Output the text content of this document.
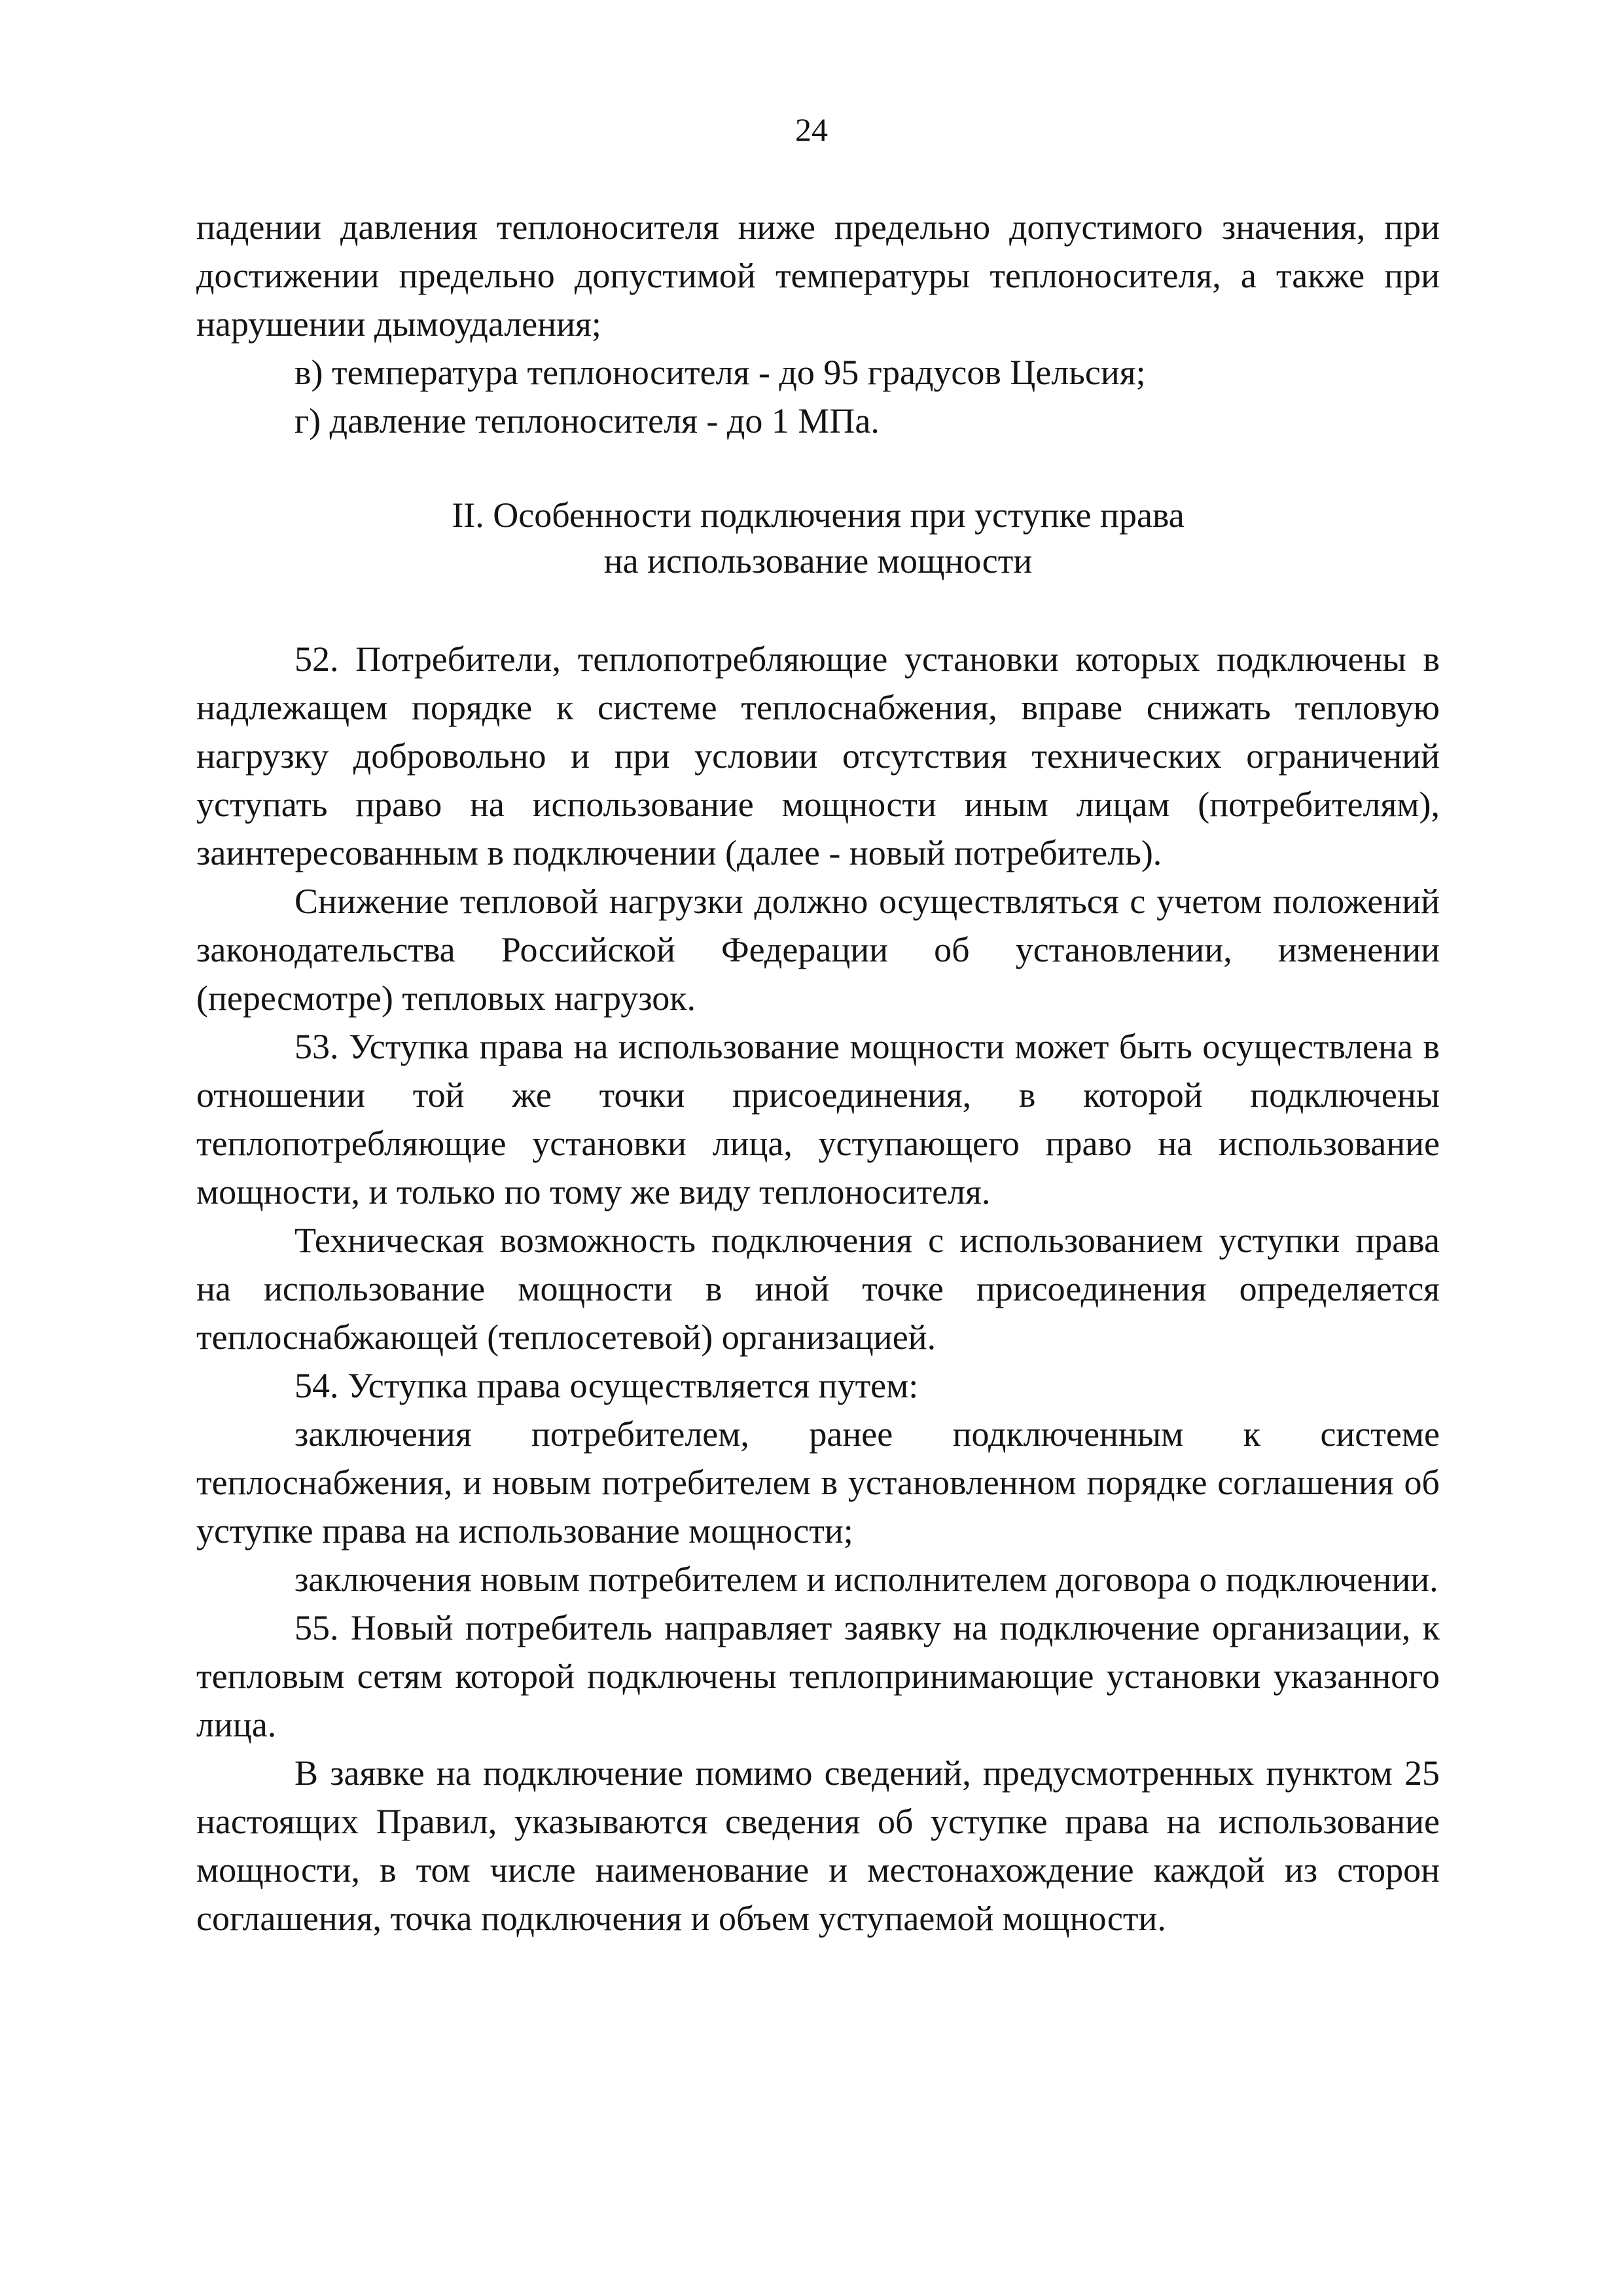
24

падении давления теплоносителя ниже предельно допустимого значения, при достижении предельно допустимой температуры теплоносителя, а также при нарушении дымоудаления;

в) температура теплоносителя - до 95 градусов Цельсия;

г) давление теплоносителя - до 1 МПа.

II. Особенности подключения при уступке права
на использование мощности

52. Потребители, теплопотребляющие установки которых подключены в надлежащем порядке к системе теплоснабжения, вправе снижать тепловую нагрузку добровольно и при условии отсутствия технических ограничений уступать право на использование мощности иным лицам (потребителям), заинтересованным в подключении (далее - новый потребитель).

Снижение тепловой нагрузки должно осуществляться с учетом положений законодательства Российской Федерации об установлении, изменении (пересмотре) тепловых нагрузок.

53. Уступка права на использование мощности может быть осуществлена в отношении той же точки присоединения, в которой подключены теплопотребляющие установки лица, уступающего право на использование мощности, и только по тому же виду теплоносителя.

Техническая возможность подключения с использованием уступки права на использование мощности в иной точке присоединения определяется теплоснабжающей (теплосетевой) организацией.

54. Уступка права осуществляется путем:

заключения потребителем, ранее подключенным к системе теплоснабжения, и новым потребителем в установленном порядке соглашения об уступке права на использование мощности;

заключения новым потребителем и исполнителем договора о подключении.

55. Новый потребитель направляет заявку на подключение организации, к тепловым сетям которой подключены теплопринимающие установки указанного лица.

В заявке на подключение помимо сведений, предусмотренных пунктом 25 настоящих Правил, указываются сведения об уступке права на использование мощности, в том числе наименование и местонахождение каждой из сторон соглашения, точка подключения и объем уступаемой мощности.
